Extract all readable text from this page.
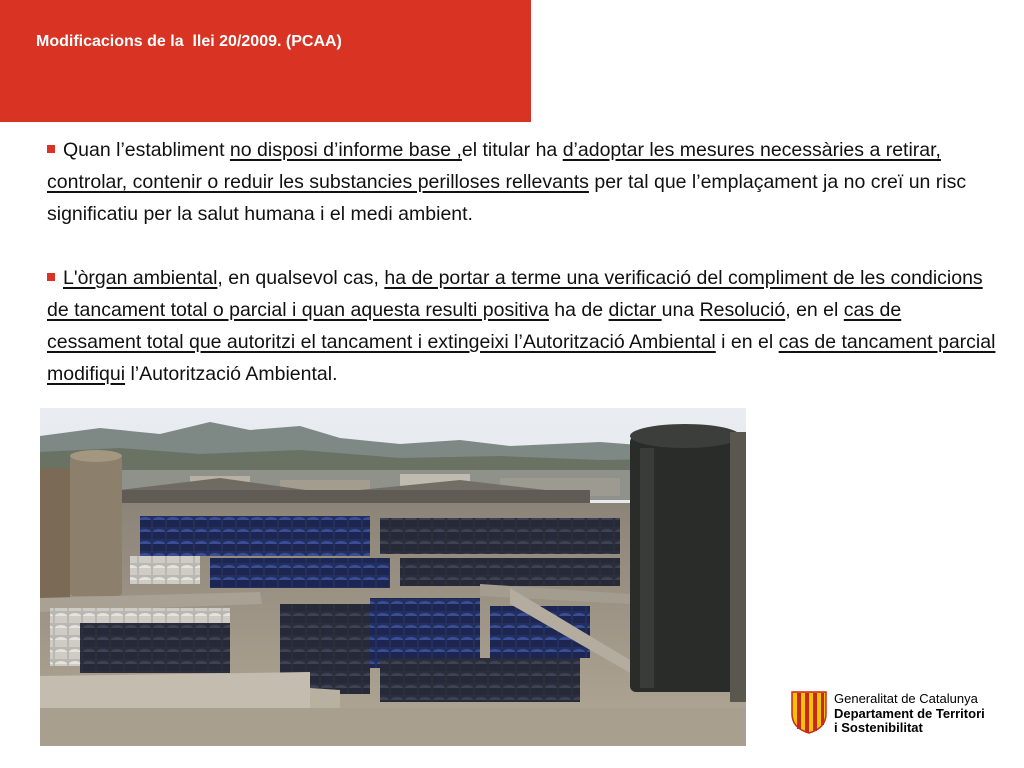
Modificacions de la  llei 20/2009. (PCAA)

Quan l’establiment no disposi d’informe base ,el titular ha d’adoptar les mesures necessàries a retirar, controlar, contenir o reduir les substancies perilloses rellevants per tal que l’emplaçament ja no creï un risc significatiu per la salut humana i el medi ambient.

L'òrgan ambiental, en qualsevol cas, ha de portar a terme una verificació del compliment de les condicions de tancament total o parcial i quan aquesta resulti positiva ha de dictar una Resolució, en el cas de cessament total que autoritzi el tancament i extingeixi l’Autorització Ambiental i en el cas de tancament parcial modifiqui l’Autorització Ambiental.

Generalitat de Catalunya
Departament de Territori
i Sostenibilitat
